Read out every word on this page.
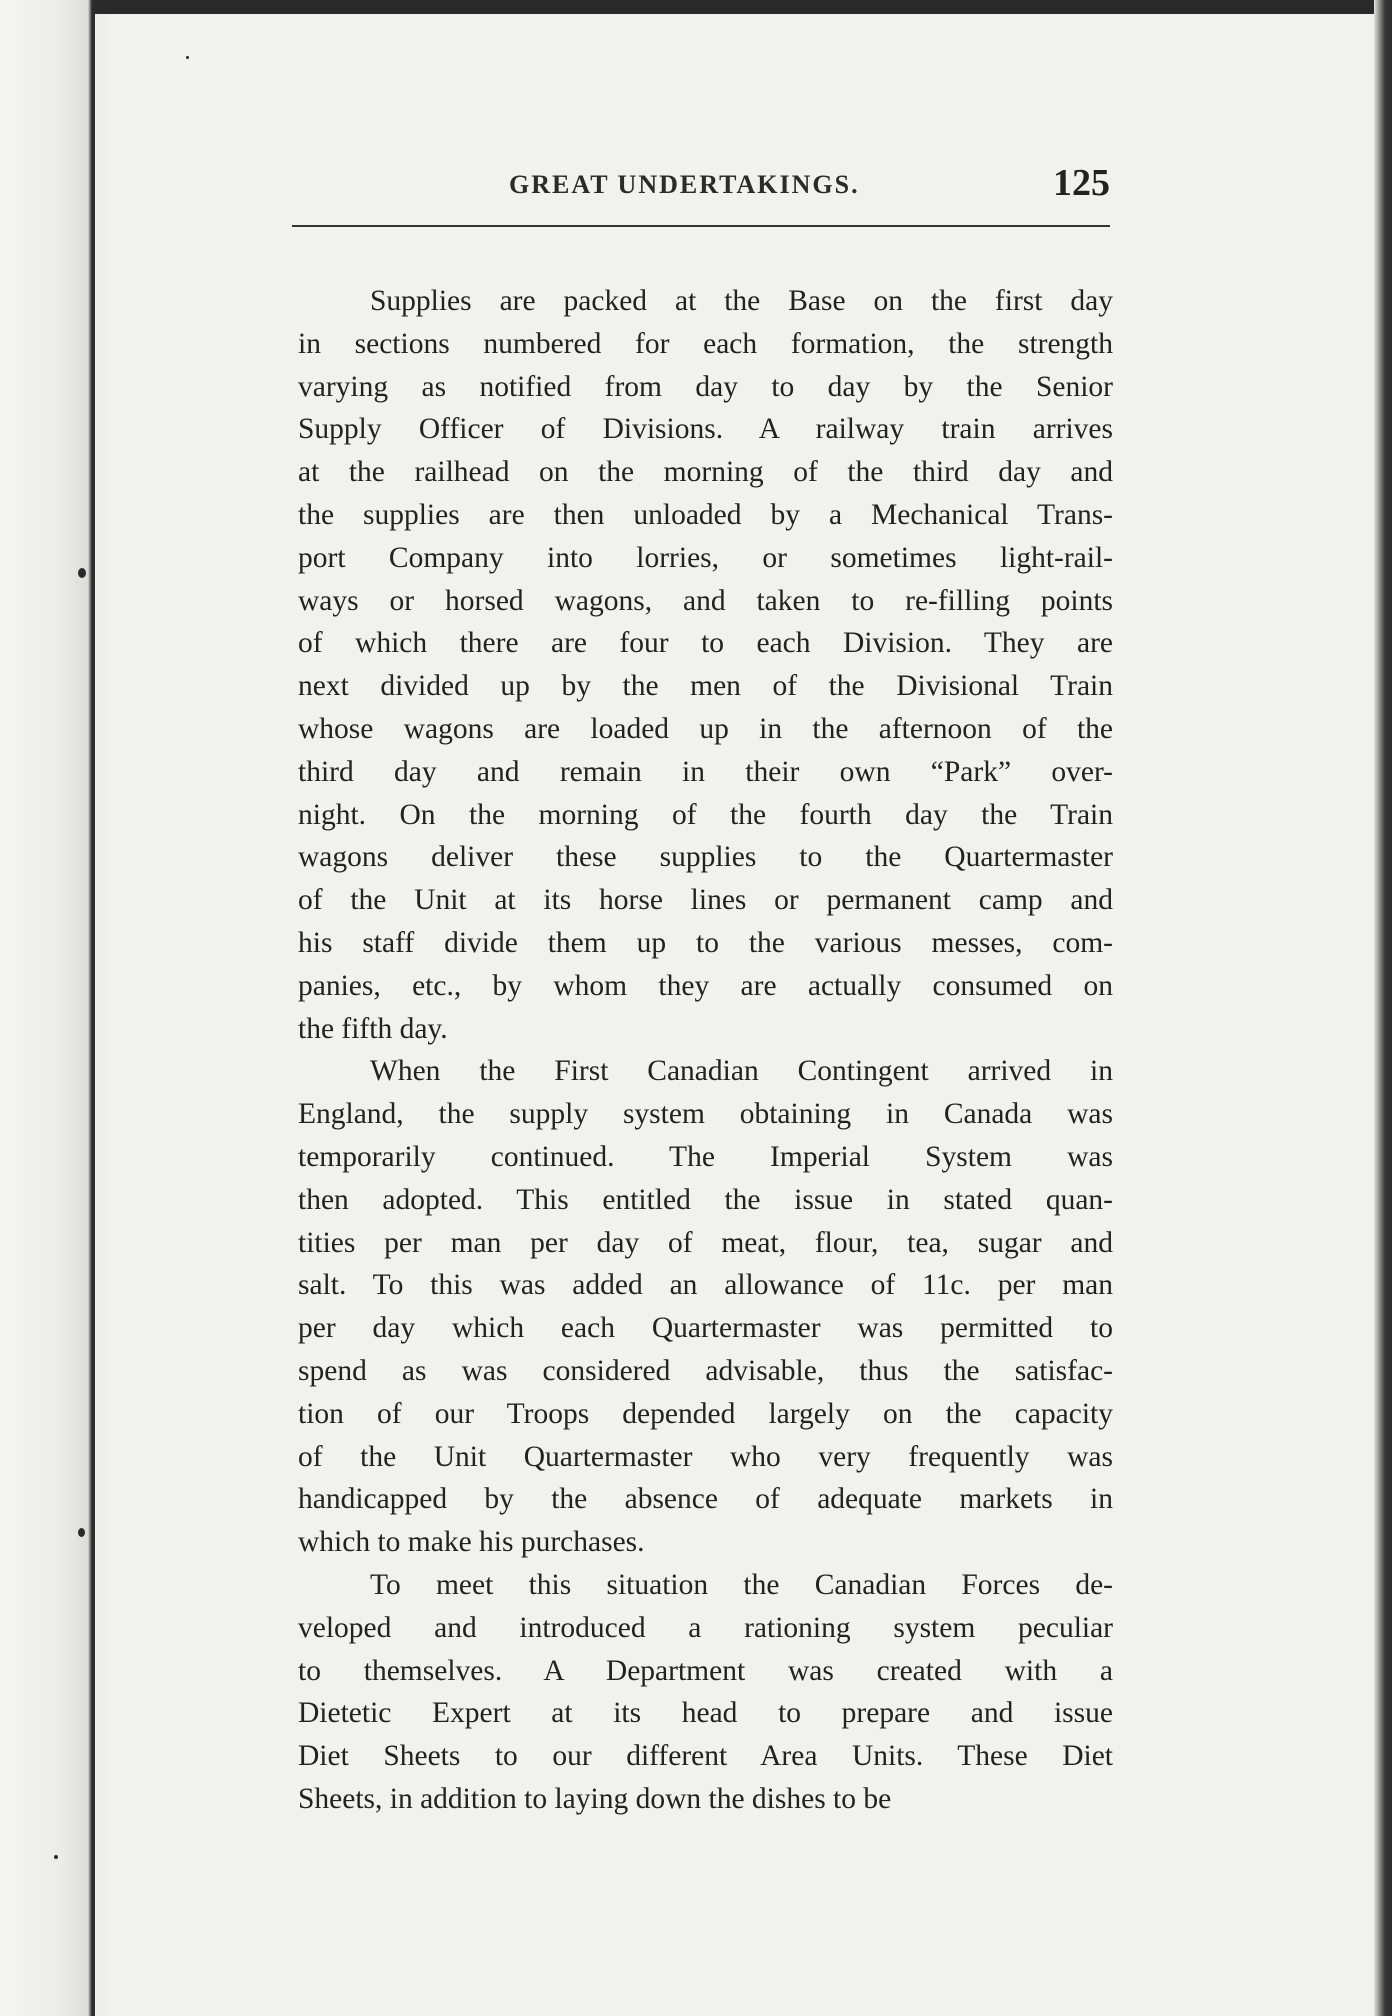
GREAT UNDERTAKINGS.	125
Supplies are packed at the Base on the first day
in sections numbered for each formation, the strength
varying as notified from day to day by the Senior
Supply Officer of Divisions. A railway train arrives
at the railhead on the morning of the third day and
the supplies are then unloaded by a Mechanical Trans-
port Company into lorries, or sometimes light-rail-
ways or horsed wagons, and taken to re-filling points
of which there are four to each Division. They are
next divided up by the men of the Divisional Train
whose wagons are loaded up in the afternoon of the
third day and remain in their own “Park” over-
night. On the morning of the fourth day the Train
wagons deliver these supplies to the Quartermaster
of the Unit at its horse lines or permanent camp and
his staff divide them up to the various messes, com-
panies, etc., by whom they are actually consumed on
the fifth day.
When the First Canadian Contingent arrived in
England, the supply system obtaining in Canada was
temporarily continued. The Imperial System was
then adopted. This entitled the issue in stated quan-
tities per man per day of meat, flour, tea, sugar and
salt. To this was added an allowance of 11c. per man
per day which each Quartermaster was permitted to
spend as was considered advisable, thus the satisfac-
tion of our Troops depended largely on the capacity
of the Unit Quartermaster who very frequently was
handicapped by the absence of adequate markets in
which to make his purchases.
To meet this situation the Canadian Forces de-
veloped and introduced a rationing system peculiar
to themselves. A Department was created with a
Dietetic Expert at its head to prepare and issue
Diet Sheets to our different Area Units. These Diet
Sheets, in addition to laying down the dishes to be
